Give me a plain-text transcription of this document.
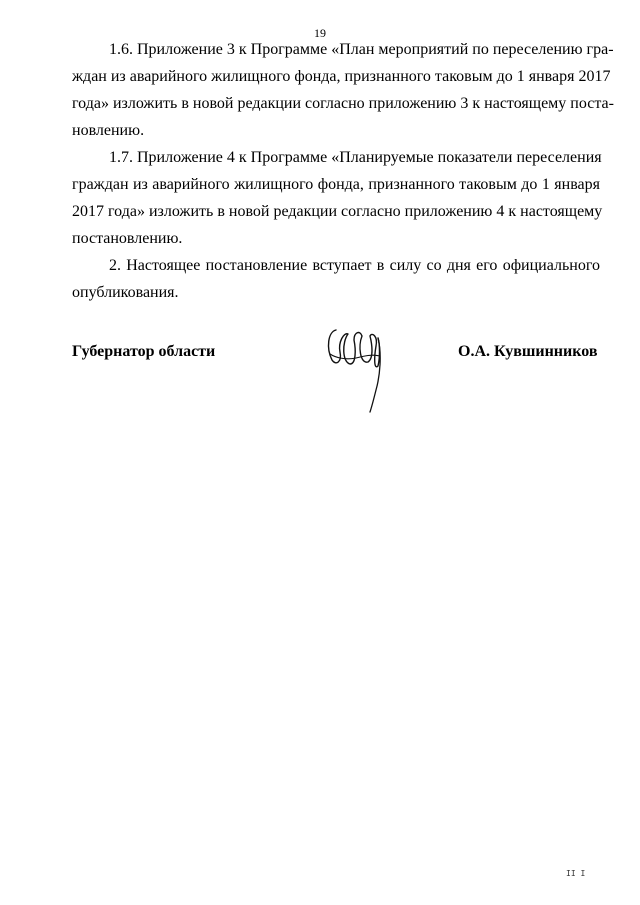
19
1.6. Приложение 3 к Программе «План мероприятий по переселению гра-
ждан из аварийного жилищного фонда, признанного таковым до 1 января 2017
года» изложить в новой редакции согласно приложению 3 к настоящему поста-
новлению.
1.7. Приложение 4 к Программе «Планируемые показатели переселения
граждан из аварийного жилищного фонда, признанного таковым до 1 января
2017 года» изложить в новой редакции согласно приложению 4 к настоящему
постановлению.
2. Настоящее постановление вступает в силу со дня его официального
опубликования.
Губернатор области	О.А. Кувшинников
ІІ І
